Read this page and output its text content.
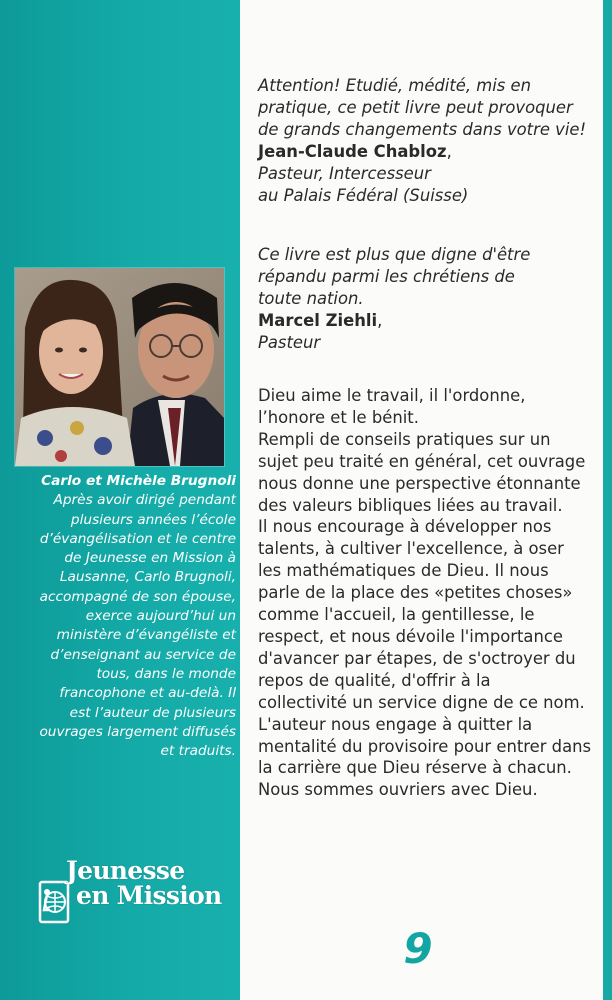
Carlo et Michèle Brugnoli
Après avoir dirigé pendant
plusieurs années l’école
d’évangélisation et le centre
de Jeunesse en Mission à
Lausanne, Carlo Brugnoli,
accompagné de son épouse,
exerce aujourd’hui un
ministère d’évangéliste et
d’enseignant au service de
tous, dans le monde
francophone et au-delà. Il
est l’auteur de plusieurs
ouvrages largement diffusés
et traduits.
Jeunesse
en Mission
Attention! Etudié, médité, mis en
pratique, ce petit livre peut provoquer
de grands changements dans votre vie!
Jean-Claude Chabloz,
Pasteur, Intercesseur
au Palais Fédéral (Suisse)
Ce livre est plus que digne d'être
répandu parmi les chrétiens de
toute nation.
Marcel Ziehli,
Pasteur
Dieu aime le travail, il l'ordonne,
l’honore et le bénit.
Rempli de conseils pratiques sur un
sujet peu traité en général, cet ouvrage
nous donne une perspective étonnante
des valeurs bibliques liées au travail.
Il nous encourage à développer nos
talents, à cultiver l'excellence, à oser
les mathématiques de Dieu. Il nous
parle de la place des «petites choses»
comme l'accueil, la gentillesse, le
respect, et nous dévoile l'importance
d'avancer par étapes, de s'octroyer du
repos de qualité, d'offrir à la
collectivité un service digne de ce nom.
L'auteur nous engage à quitter la
mentalité du provisoire pour entrer dans
la carrière que Dieu réserve à chacun.
Nous sommes ouvriers avec Dieu.
9
